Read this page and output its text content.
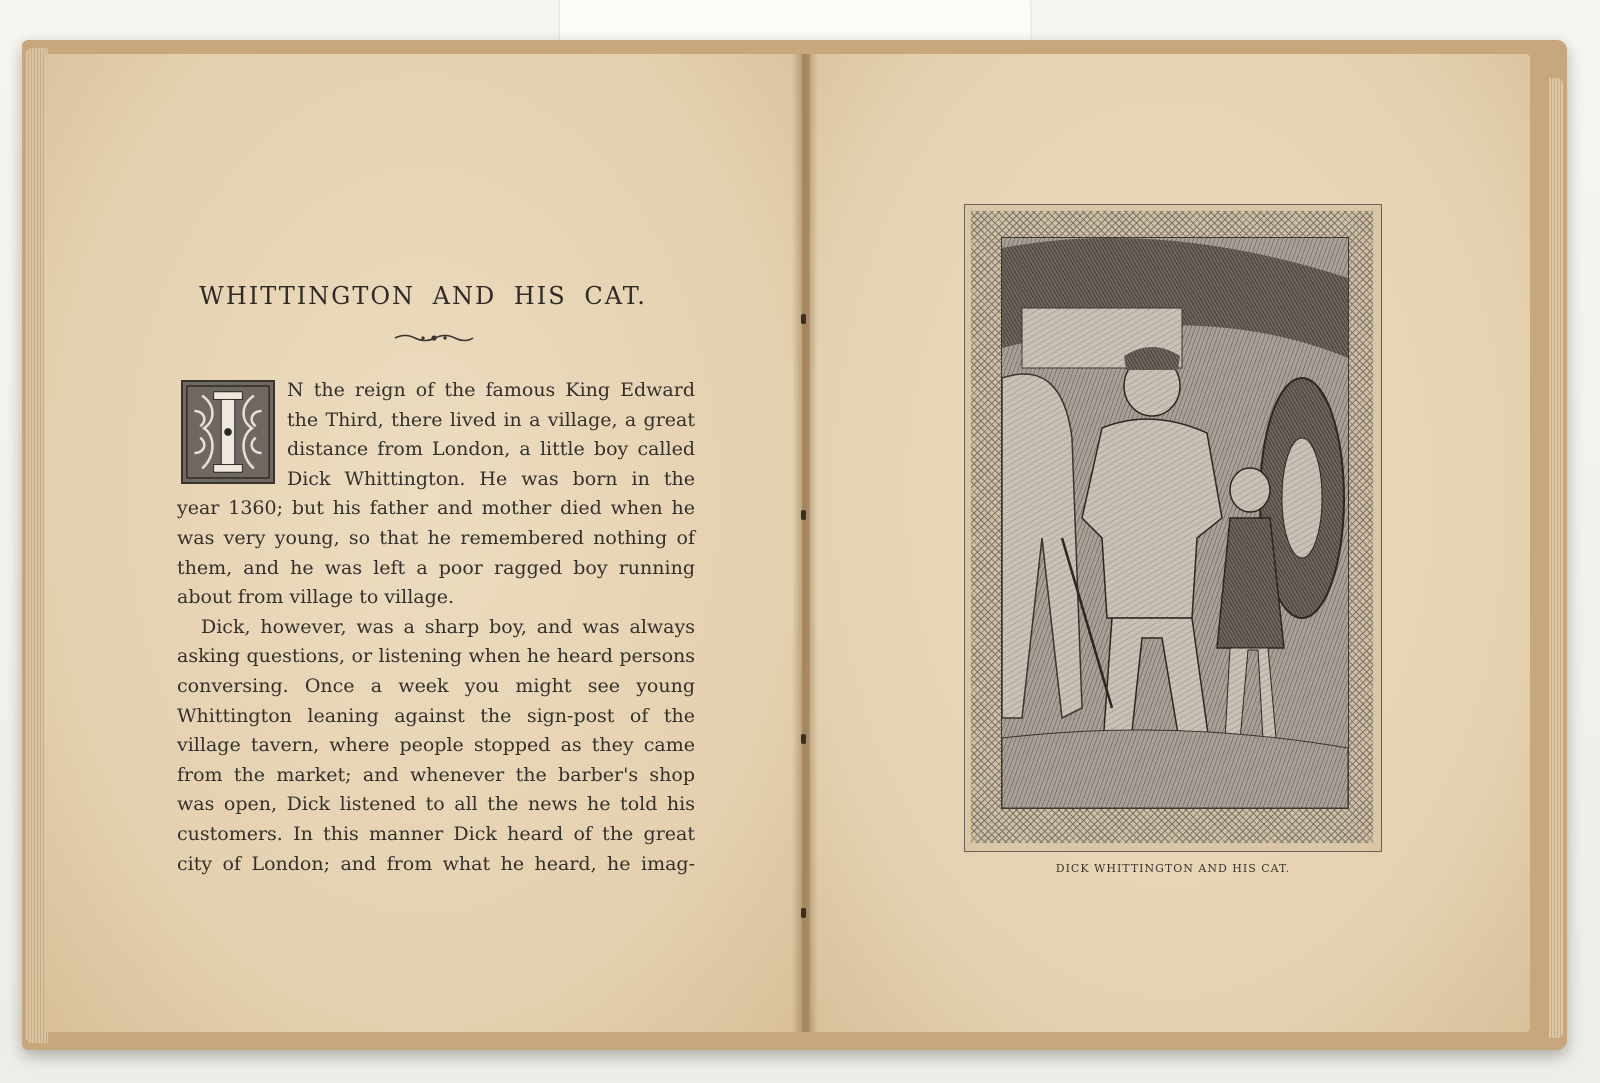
WHITTINGTON AND HIS CAT.
N the reign of the famous King Edward
the Third, there lived in a village, a great
distance from London, a little boy called
Dick Whittington. He was born in the
year 1360; but his father and mother died when he
was very young, so that he remembered nothing of
them, and he was left a poor ragged boy running
about from village to village.
Dick, however, was a sharp boy, and was always
asking questions, or listening when he heard persons
conversing. Once a week you might see young
Whittington leaning against the sign-post of the
village tavern, where people stopped as they came
from the market; and whenever the barber's shop
was open, Dick listened to all the news he told his
customers. In this manner Dick heard of the great
city of London; and from what he heard, he imag-	DICK WHITTINGTON AND HIS CAT.
